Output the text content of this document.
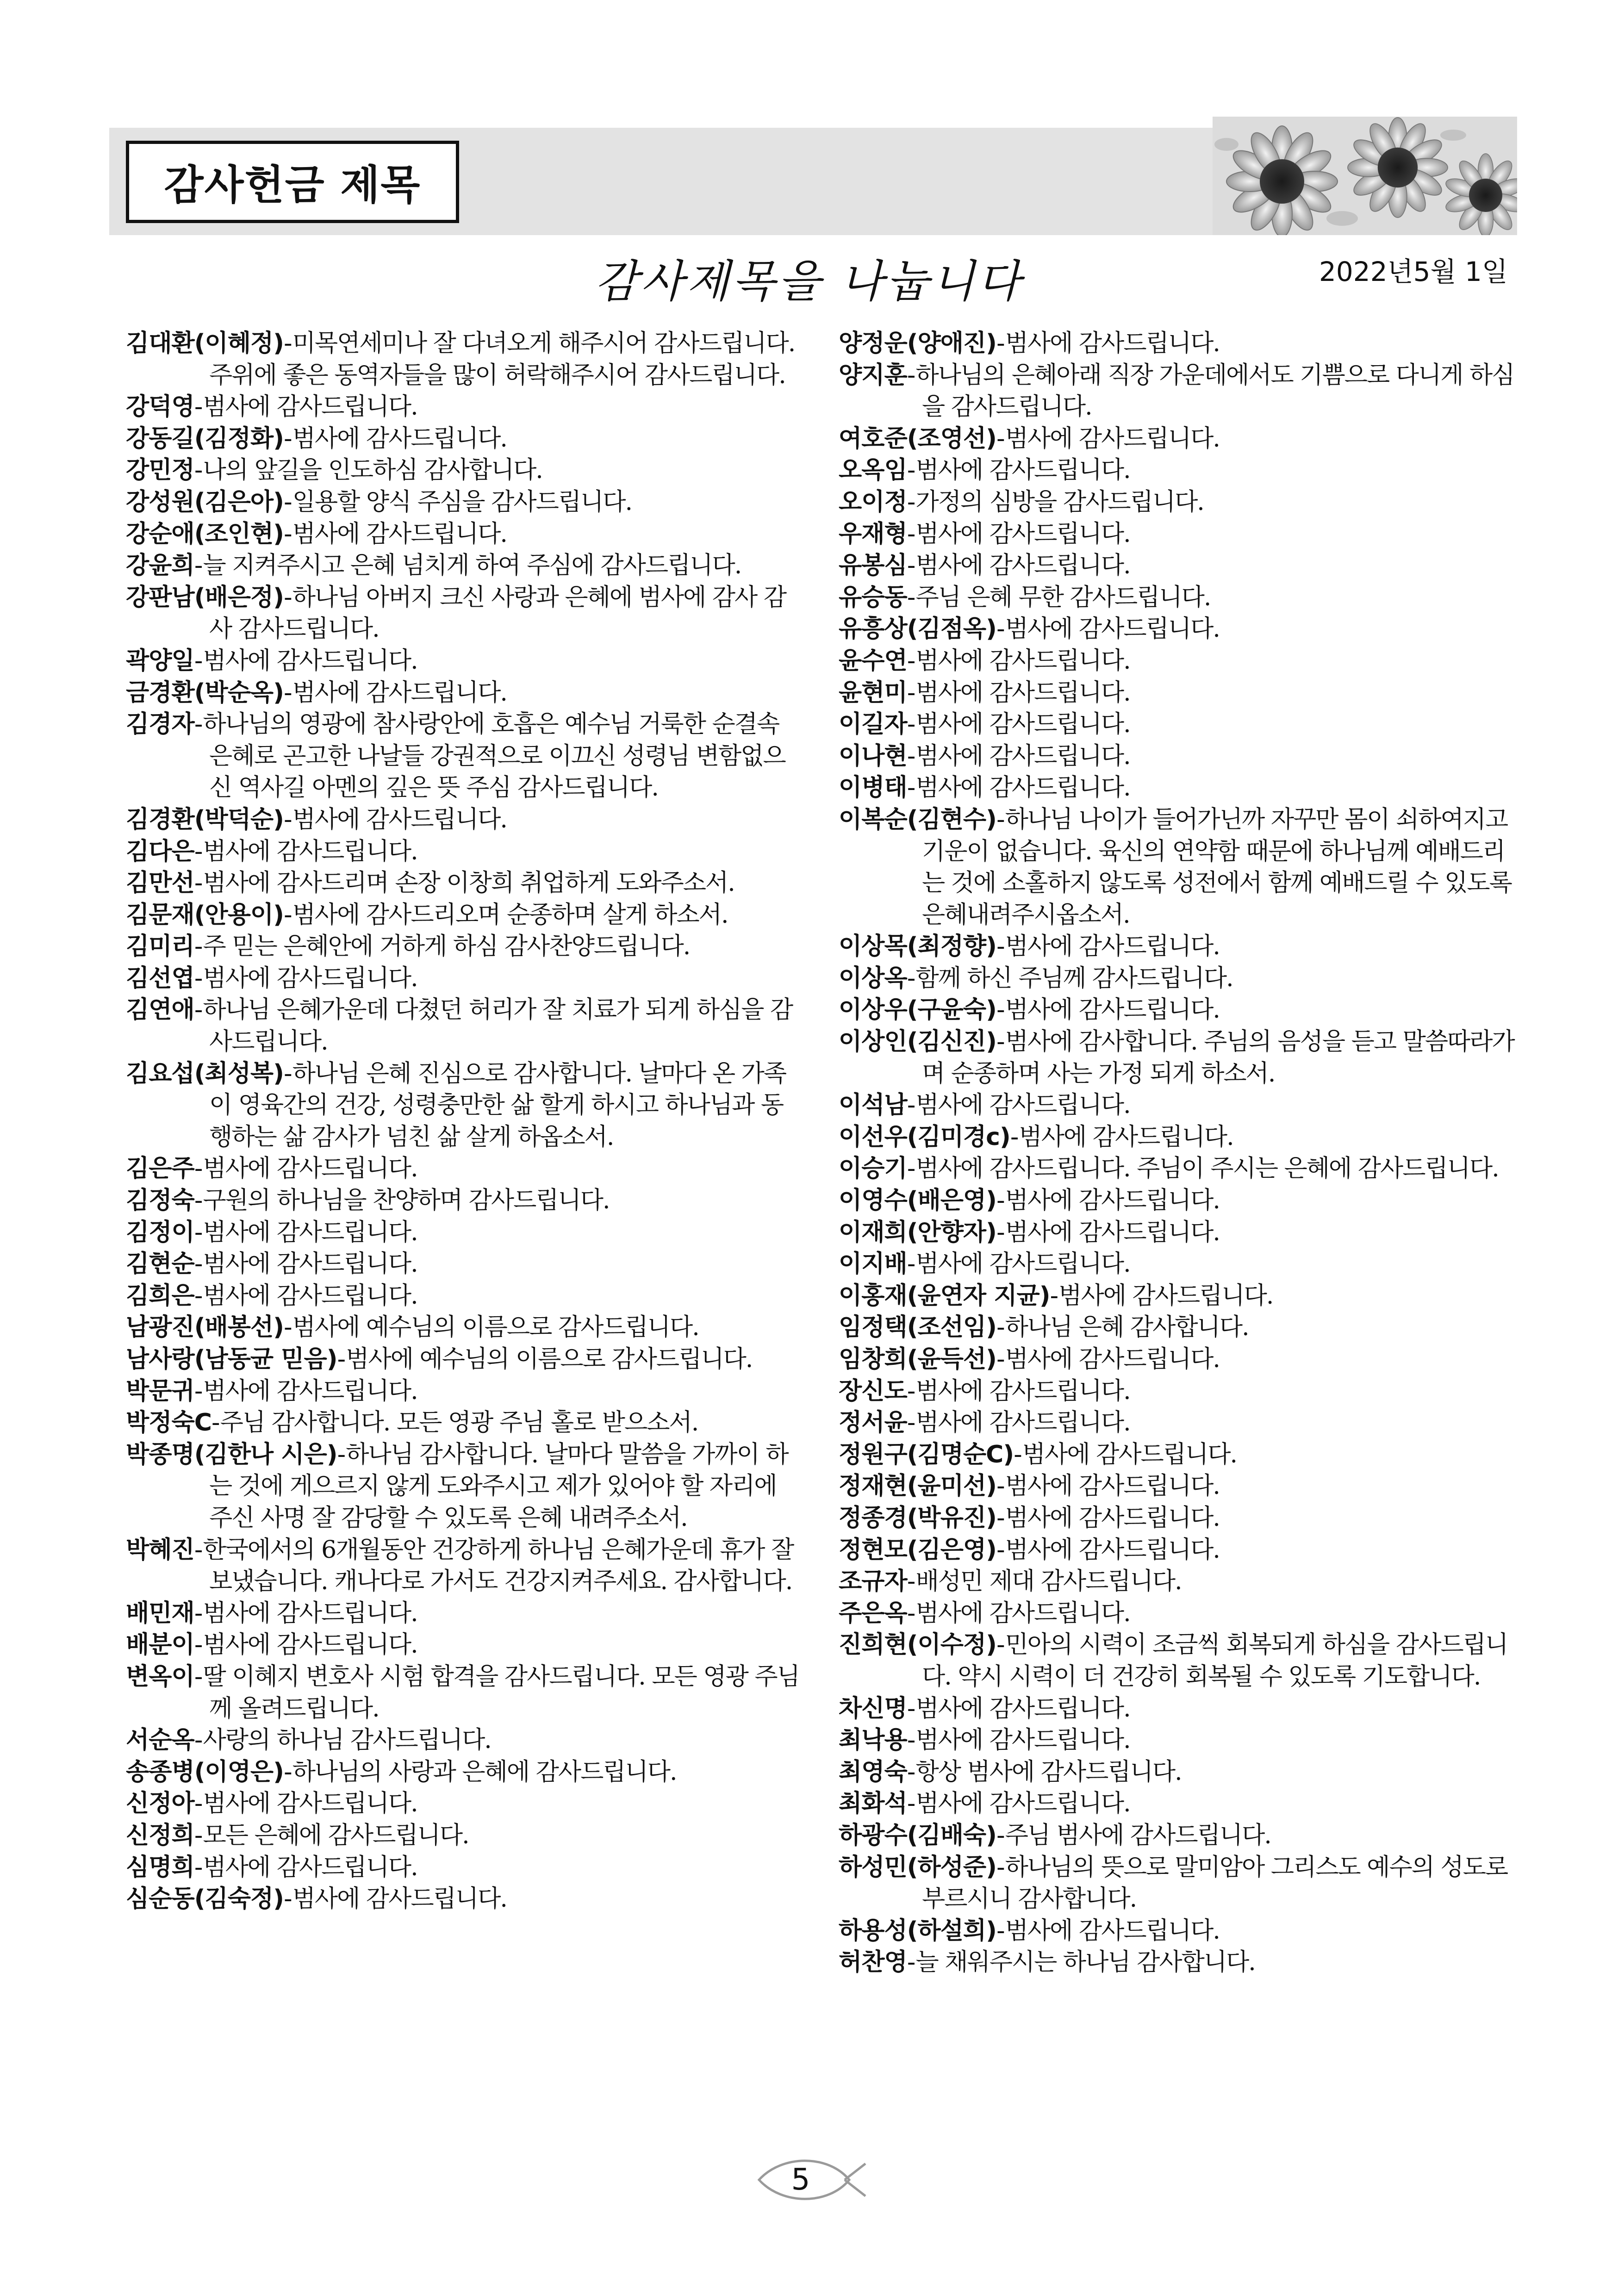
감사헌금 제목
감사제목을 나눕니다	2022년5월 1일
김대환(이혜정)-미목연세미나 잘 다녀오게 해주시어 감사드립니다. 주위에 좋은 동역자들을 많이 허락해주시어 감사드립니다.
강덕영-범사에 감사드립니다.
강동길(김정화)-범사에 감사드립니다.
강민정-나의 앞길을 인도하심 감사합니다.
강성원(김은아)-일용할 양식 주심을 감사드립니다.
강순애(조인현)-범사에 감사드립니다.
강윤희-늘 지켜주시고 은혜 넘치게 하여 주심에 감사드립니다.
강판남(배은정)-하나님 아버지 크신 사랑과 은혜에 범사에 감사 감사 감사드립니다.
곽양일-범사에 감사드립니다.
금경환(박순옥)-범사에 감사드립니다.
김경자-하나님의 영광에 참사랑안에 호흡은 예수님 거룩한 순결속 은혜로 곤고한 나날들 강권적으로 이끄신 성령님 변함없으신 역사길 아멘의 깊은 뜻 주심 감사드립니다.
김경환(박덕순)-범사에 감사드립니다.
김다은-범사에 감사드립니다.
김만선-범사에 감사드리며 손장 이창희 취업하게 도와주소서.
김문재(안용이)-범사에 감사드리오며 순종하며 살게 하소서.
김미리-주 믿는 은혜안에 거하게 하심 감사찬양드립니다.
김선엽-범사에 감사드립니다.
김연애-하나님 은혜가운데 다쳤던 허리가 잘 치료가 되게 하심을 감사드립니다.
김요섭(최성복)-하나님 은혜 진심으로 감사합니다. 날마다 온 가족이 영육간의 건강, 성령충만한 삶 할게 하시고 하나님과 동행하는 삶 감사가 넘친 삶 살게 하옵소서.
김은주-범사에 감사드립니다.
김정숙-구원의 하나님을 찬양하며 감사드립니다.
김정이-범사에 감사드립니다.
김현순-범사에 감사드립니다.
김희은-범사에 감사드립니다.
남광진(배봉선)-범사에 예수님의 이름으로 감사드립니다.
남사랑(남동균 믿음)-범사에 예수님의 이름으로 감사드립니다.
박문귀-범사에 감사드립니다.
박정숙C-주님 감사합니다. 모든 영광 주님 홀로 받으소서.
박종명(김한나 시은)-하나님 감사합니다. 날마다 말씀을 가까이 하는 것에 게으르지 않게 도와주시고 제가 있어야 할 자리에 주신 사명 잘 감당할 수 있도록 은혜 내려주소서.
박혜진-한국에서의 6개월동안 건강하게 하나님 은혜가운데 휴가 잘 보냈습니다. 캐나다로 가서도 건강지켜주세요. 감사합니다.
배민재-범사에 감사드립니다.
배분이-범사에 감사드립니다.
변옥이-딸 이혜지 변호사 시험 합격을 감사드립니다. 모든 영광 주님께 올려드립니다.
서순옥-사랑의 하나님 감사드립니다.
송종병(이영은)-하나님의 사랑과 은혜에 감사드립니다.
신정아-범사에 감사드립니다.
신정희-모든 은혜에 감사드립니다.
심명희-범사에 감사드립니다.
심순동(김숙정)-범사에 감사드립니다.
양정운(양애진)-범사에 감사드립니다.
양지훈-하나님의 은혜아래 직장 가운데에서도 기쁨으로 다니게 하심을 감사드립니다.
여호준(조영선)-범사에 감사드립니다.
오옥임-범사에 감사드립니다.
오이정-가정의 심방을 감사드립니다.
우재형-범사에 감사드립니다.
유봉심-범사에 감사드립니다.
유승동-주님 은혜 무한 감사드립니다.
유흥상(김점옥)-범사에 감사드립니다.
윤수연-범사에 감사드립니다.
윤현미-범사에 감사드립니다.
이길자-범사에 감사드립니다.
이나현-범사에 감사드립니다.
이병태-범사에 감사드립니다.
이복순(김현수)-하나님 나이가 들어가닌까 자꾸만 몸이 쇠하여지고 기운이 없습니다. 육신의 연약함 때문에 하나님께 예배드리는 것에 소홀하지 않도록 성전에서 함께 예배드릴 수 있도록 은혜내려주시옵소서.
이상목(최정향)-범사에 감사드립니다.
이상옥-함께 하신 주님께 감사드립니다.
이상우(구윤숙)-범사에 감사드립니다.
이상인(김신진)-범사에 감사합니다. 주님의 음성을 듣고 말씀따라가며 순종하며 사는 가정 되게 하소서.
이석남-범사에 감사드립니다.
이선우(김미경c)-범사에 감사드립니다.
이승기-범사에 감사드립니다. 주님이 주시는 은혜에 감사드립니다.
이영수(배은영)-범사에 감사드립니다.
이재희(안향자)-범사에 감사드립니다.
이지배-범사에 감사드립니다.
이홍재(윤연자 지균)-범사에 감사드립니다.
임정택(조선임)-하나님 은혜 감사합니다.
임창희(윤득선)-범사에 감사드립니다.
장신도-범사에 감사드립니다.
정서윤-범사에 감사드립니다.
정원구(김명순C)-범사에 감사드립니다.
정재현(윤미선)-범사에 감사드립니다.
정종경(박유진)-범사에 감사드립니다.
정현모(김은영)-범사에 감사드립니다.
조규자-배성민 제대 감사드립니다.
주은옥-범사에 감사드립니다.
진희현(이수정)-민아의 시력이 조금씩 회복되게 하심을 감사드립니다. 약시 시력이 더 건강히 회복될 수 있도록 기도합니다.
차신명-범사에 감사드립니다.
최낙용-범사에 감사드립니다.
최영숙-항상 범사에 감사드립니다.
최화석-범사에 감사드립니다.
하광수(김배숙)-주님 범사에 감사드립니다.
하성민(하성준)-하나님의 뜻으로 말미암아 그리스도 예수의 성도로 부르시니 감사합니다.
하용성(하설희)-범사에 감사드립니다.
허찬영-늘 채워주시는 하나님 감사합니다.
5
